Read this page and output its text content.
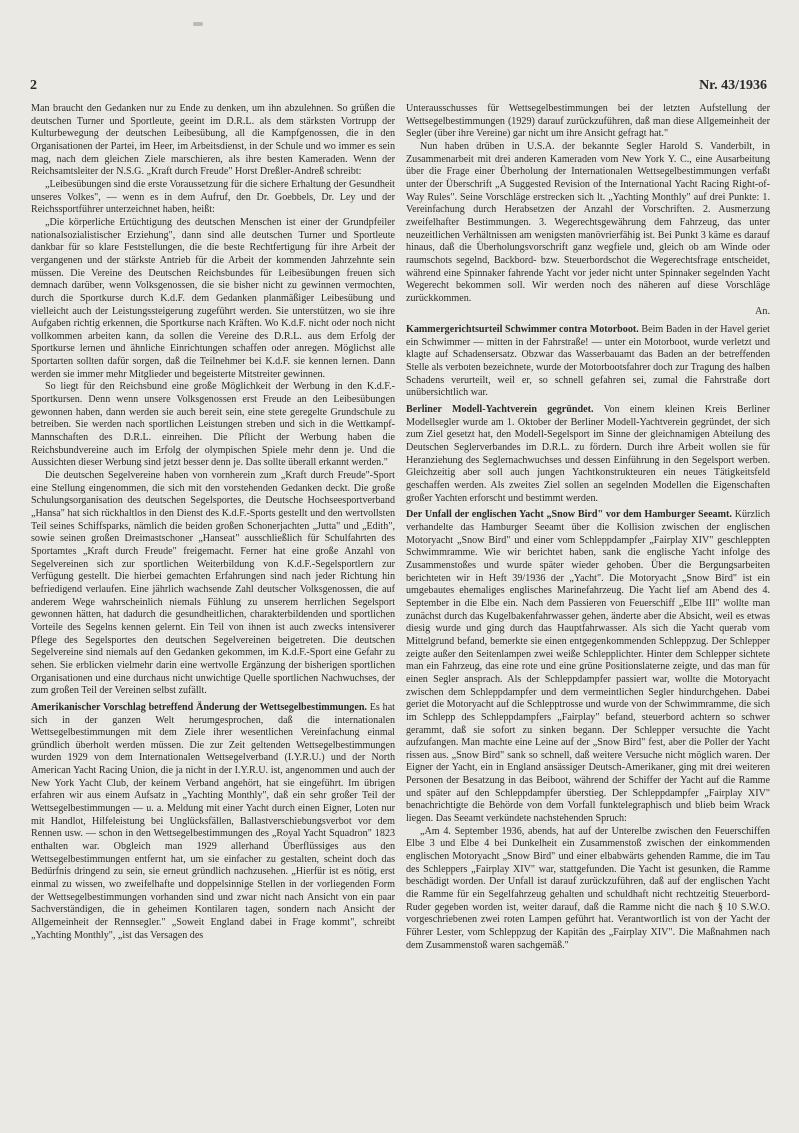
2	Nr. 43/1936

Man braucht den Gedanken nur zu Ende zu denken, um ihn abzulehnen. So grüßen die deutschen Turner und Sportleute, geeint im D.R.L. als dem stärksten Vortrupp der Kulturbewegung der deutschen Leibesübung, all die Kampfgenossen, die in den Organisationen der Partei, im Heer, im Arbeitsdienst, in der Schule und wo immer es sein mag, nach dem gleichen Ziele marschieren, als ihre besten Kameraden. Wenn der Reichsamtsleiter der N.S.G. „Kraft durch Freude" Horst Dreßler-Andreß schreibt:

„Leibesübungen sind die erste Voraussetzung für die sichere Erhaltung der Gesundheit unseres Volkes", — wenn es in dem Aufruf, den Dr. Goebbels, Dr. Ley und der Reichssportführer unterzeichnet haben, heißt:

„Die körperliche Ertüchtigung des deutschen Menschen ist einer der Grundpfeiler nationalsozialistischer Erziehung", dann sind alle deutschen Turner und Sportleute dankbar für so klare Feststellungen, die die beste Rechtfertigung für ihre Arbeit der vergangenen und der stärkste Antrieb für die Arbeit der kommenden Jahrzehnte sein müssen. Die Vereine des Deutschen Reichsbundes für Leibesübungen freuen sich demnach darüber, wenn Volksgenossen, die sie bisher nicht zu gewinnen vermochten, durch die Sportkurse durch K.d.F. dem Gedanken planmäßiger Leibesübung und vielleicht auch der Leistungssteigerung zugeführt werden. Sie unterstützen, wo sie ihre Aufgaben richtig erkennen, die Sportkurse nach Kräften. Wo K.d.F. nicht oder noch nicht vollkommen arbeiten kann, da sollen die Vereine des D.R.L. aus dem Erfolg der Sportkurse lernen und ähnliche Einrichtungen schaffen oder anregen. Möglichst alle Sportarten sollten dafür sorgen, daß die Teilnehmer bei K.d.F. sie kennen lernen. Dann werden sie immer mehr Mitglieder und begeisterte Mitstreiter gewinnen.

So liegt für den Reichsbund eine große Möglichkeit der Werbung in den K.d.F.-Sportkursen. Denn wenn unsere Volksgenossen erst Freude an den Leibesübungen gewonnen haben, dann werden sie auch bereit sein, eine stete geregelte Grundschule zu betreiben. Sie werden nach sportlichen Leistungen streben und sich in die Wettkampf-Mannschaften des D.R.L. einreihen. Die Pflicht der Werbung haben die Reichsbundvereine auch im Erfolg der olympischen Spiele mehr denn je. Und die Aussichten dieser Werbung sind jetzt besser denn je. Das sollte überall erkannt werden."

Die deutschen Segelvereine haben von vornherein zum „Kraft durch Freude"-Sport eine Stellung eingenommen, die sich mit den vorstehenden Gedanken deckt. Die große Schulungsorganisation des deutschen Segelsportes, die Deutsche Hochseesportverband „Hansa" hat sich rückhaltlos in den Dienst des K.d.F.-Sports gestellt und den wertvollsten Teil seines Schiffsparks, nämlich die beiden großen Schonerjachten „Jutta" und „Edith", sowie seinen großen Dreimastschoner „Hanseat" ausschließlich für Schulfahrten des Sportamtes „Kraft durch Freude" freigemacht. Ferner hat eine große Anzahl von Segelvereinen sich zur sportlichen Weiterbildung von K.d.F.-Segelsportlern zur Verfügung gestellt. Die hierbei gemachten Erfahrungen sind nach jeder Richtung hin befriedigend verlaufen. Eine jährlich wachsende Zahl deutscher Volksgenossen, die auf anderem Wege wahrscheinlich niemals Fühlung zu unserem herrlichen Segelsport gewonnen hätten, hat dadurch die gesundheitlichen, charakterbildenden und sportlichen Vorteile des Segelns kennen gelernt. Ein Teil von ihnen ist auch zwecks intensiverer Pflege des Segelsportes den deutschen Segelvereinen beigetreten. Die deutschen Segelvereine sind niemals auf den Gedanken gekommen, im K.d.F.-Sport eine Gefahr zu sehen. Sie erblicken vielmehr darin eine wertvolle Ergänzung der bisherigen sportlichen Organisationen und eine durchaus nicht unwichtige Quelle sportlichen Nachwuchses, der zum großen Teil der Vereinen selbst zufällt.

Amerikanischer Vorschlag betreffend Änderung der Wettsegelbestimmungen. Es hat sich in der ganzen Welt herumgesprochen, daß die internationalen Wettsegelbestimmungen mit dem Ziele ihrer wesentlichen Vereinfachung einmal gründlich überholt werden müssen. Die zur Zeit geltenden Wettsegelbestimmungen wurden 1929 von dem Internationalen Wettsegelverband (I.Y.R.U.) und der North American Yacht Racing Union, die ja nicht in der I.Y.R.U. ist, angenommen und auch der New York Yacht Club, der keinem Verband angehört, hat sie eingeführt. Im übrigen erfahren wir aus einem Aufsatz in „Yachting Monthly", daß ein sehr großer Teil der Wettsegelbestimmungen — u. a. Meldung mit einer Yacht durch einen Eigner, Loten nur mit Handlot, Hilfeleistung bei Unglücksfällen, Ballastverschiebungsverbot vor dem Rennen usw. — schon in den Wettsegelbestimmungen des „Royal Yacht Squadron" 1823 enthalten war. Obgleich man 1929 allerhand Überflüssiges aus den Wettsegelbestimmungen entfernt hat, um sie einfacher zu gestalten, scheint doch das Bedürfnis dringend zu sein, sie erneut gründlich nachzusehen. „Hierfür ist es nötig, erst einmal zu wissen, wo zweifelhafte und doppelsinnige Stellen in der vorliegenden Form der Wettsegelbestimmungen vorhanden sind und zwar nicht nach Ansicht von ein paar Sachverständigen, die in geheimen Kontilaren tagen, sondern nach Ansicht der Allgemeinheit der Rennsegler." „Soweit England dabei in Frage kommt", schreibt „Yachting Monthly", „ist das Versagen des

Unterausschusses für Wettsegelbestimmungen bei der letzten Aufstellung der Wettsegelbestimmungen (1929) darauf zurückzuführen, daß man diese Allgemeinheit der Segler (über ihre Vereine) gar nicht um ihre Ansicht gefragt hat."

Nun haben drüben in U.S.A. der bekannte Segler Harold S. Vanderbilt, in Zusammenarbeit mit drei anderen Kameraden vom New York Y. C., eine Ausarbeitung über die Frage einer Überholung der Internationalen Wettsegelbestimmungen verfaßt unter der Überschrift „A Suggested Revision of the International Yacht Racing Right-of-Way Rules". Seine Vorschläge erstrecken sich lt. „Yachting Monthly" auf drei Punkte: 1. Vereinfachung durch Herabsetzen der Anzahl der Vorschriften. 2. Ausmerzung zweifelhafter Bestimmungen. 3. Wegerechtsgewährung dem Fahrzeug, das unter neuzeitlichen Verhältnissen am wenigsten manövrierfähig ist. Bei Punkt 3 käme es darauf hinaus, daß die Überholungsvorschrift ganz wegfiele und, gleich ob am Winde oder raumschots segelnd, Backbord- bzw. Steuerbordschot die Wegerechtsfrage entscheidet, während eine Spinnaker fahrende Yacht vor jeder nicht unter Spinnaker segelnden Yacht Wegerecht bekommen soll. Wir werden noch des näheren auf diese Vorschläge zurückkommen.

An.

Kammergerichtsurteil Schwimmer contra Motorboot. Beim Baden in der Havel geriet ein Schwimmer — mitten in der Fahrstraße! — unter ein Motorboot, wurde verletzt und klagte auf Schadensersatz. Obzwar das Wasserbauamt das Baden an der betreffenden Stelle als verboten bezeichnete, wurde der Motorbootsfahrer doch zur Tragung des halben Schadens verurteilt, weil er, so schnell gefahren sei, zumal die Fahrstraße dort unübersichtlich war.

Berliner Modell-Yachtverein gegründet. Von einem kleinen Kreis Berliner Modellsegler wurde am 1. Oktober der Berliner Modell-Yachtverein gegründet, der sich zum Ziel gesetzt hat, den Modell-Segelsport im Sinne der gleichnamigen Abteilung des Deutschen Seglerverbandes im D.R.L. zu fördern. Durch ihre Arbeit wollen sie für Heranziehung des Seglernachwuchses und dessen Einführung in den Segelsport werben. Gleichzeitig aber soll auch jungen Yachtkonstrukteuren ein neues Tätigkeitsfeld geschaffen werden. Als zweites Ziel sollen an segelnden Modellen die Eigenschaften großer Yachten erforscht und bestimmt werden.

Der Unfall der englischen Yacht „Snow Bird" vor dem Hamburger Seeamt. Kürzlich verhandelte das Hamburger Seeamt über die Kollision zwischen der englischen Motoryacht „Snow Bird" und einer vom Schleppdampfer „Fairplay XIV" geschleppten Schwimmramme. Wie wir berichtet haben, sank die englische Yacht infolge des Zusammenstoßes und wurde später wieder gehoben. Über die Bergungsarbeiten berichteten wir in Heft 39/1936 der „Yacht". Die Motoryacht „Snow Bird" ist ein umgebautes ehemaliges englisches Marinefahrzeug. Die Yacht lief am Abend des 4. September in die Elbe ein. Nach dem Passieren von Feuerschiff „Elbe III" wollte man zunächst durch das Kugelbakenfahrwasser gehen, änderte aber die Absicht, weil es etwas diesig wurde und ging durch das Hauptfahrwasser. Als sich die Yacht querab vom Mittelgrund befand, bemerkte sie einen entgegenkommenden Schleppzug. Der Schlepper zeigte außer den Seitenlampen zwei weiße Schlepplichter. Hinter dem Schlepper sichtete man ein Fahrzeug, das eine rote und eine grüne Positionslaterne zeigte, und das man für einen Segler ansprach. Als der Schleppdampfer passiert war, wollte die Motoryacht zwischen dem Schleppdampfer und dem vermeintlichen Segler hindurchgehen. Dabei geriet die Motoryacht auf die Schlepptrosse und wurde von der Schwimmramme, die sich im Schlepp des Schleppdampfers „Fairplay" befand, steuerbord achtern so schwer gerammt, daß sie sofort zu sinken begann. Der Schlepper versuchte die Yacht aufzufangen. Man machte eine Leine auf der „Snow Bird" fest, aber die Poller der Yacht rissen aus. „Snow Bird" sank so schnell, daß weitere Versuche nicht möglich waren. Der Eigner der Yacht, ein in England ansässiger Deutsch-Amerikaner, ging mit drei weiteren Personen der Besatzung in das Beiboot, während der Schiffer der Yacht auf die Ramme und später auf den Schleppdampfer überstieg. Der Schleppdampfer „Fairplay XIV" benachrichtigte die Behörde von dem Vorfall funktelegraphisch und blieb beim Wrack liegen. Das Seeamt verkündete nachstehenden Spruch:

„Am 4. September 1936, abends, hat auf der Unterelbe zwischen den Feuerschiffen Elbe 3 und Elbe 4 bei Dunkelheit ein Zusammenstoß zwischen der einkommenden englischen Motoryacht „Snow Bird" und einer elbabwärts gehenden Ramme, die im Tau des Schleppers „Fairplay XIV" war, stattgefunden. Die Yacht ist gesunken, die Ramme beschädigt worden. Der Unfall ist darauf zurückzuführen, daß auf der englischen Yacht die Ramme für ein Segelfahrzeug gehalten und schuldhaft nicht rechtzeitig Steuerbord-Ruder gegeben worden ist, weiter darauf, daß die Ramme nicht die nach § 10 S.W.O. vorgeschriebenen zwei roten Lampen geführt hat. Verantwortlich ist von der Yacht der Führer Lester, vom Schleppzug der Kapitän des „Fairplay XIV". Die Maßnahmen nach dem Zusammenstoß waren sachgemäß."
